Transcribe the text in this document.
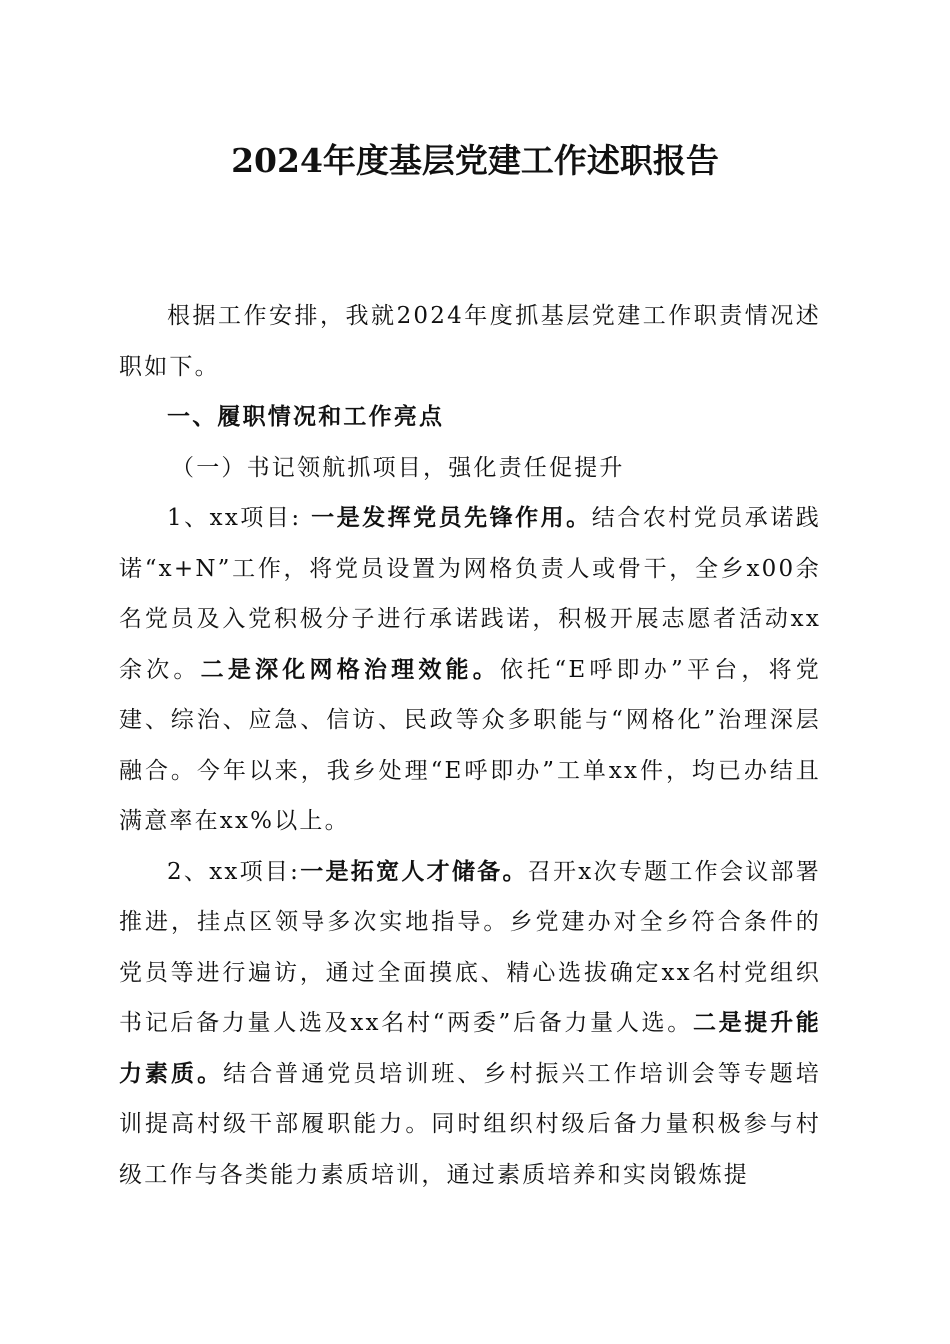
2024年度基层党建工作述职报告

根据工作安排，我就2024年度抓基层党建工作职责情况述职如下。

一、履职情况和工作亮点

（一）书记领航抓项目，强化责任促提升

1、xx项目: 一是发挥党员先锋作用。结合农村党员承诺践诺“x+N”工作，将党员设置为网格负责人或骨干，全乡x00余名党员及入党积极分子进行承诺践诺，积极开展志愿者活动xx余次。二是深化网格治理效能。依托“E呼即办”平台，将党建、综治、应急、信访、民政等众多职能与“网格化”治理深层融合。今年以来，我乡处理“E呼即办”工单xx件，均已办结且满意率在xx%以上。

2、xx项目:一是拓宽人才储备。召开x次专题工作会议部署推进，挂点区领导多次实地指导。乡党建办对全乡符合条件的党员等进行遍访，通过全面摸底、精心选拔确定xx名村党组织书记后备力量人选及xx名村“两委”后备力量人选。二是提升能力素质。结合普通党员培训班、乡村振兴工作培训会等专题培训提高村级干部履职能力。同时组织村级后备力量积极参与村级工作与各类能力素质培训，通过素质培养和实岗锻炼提
